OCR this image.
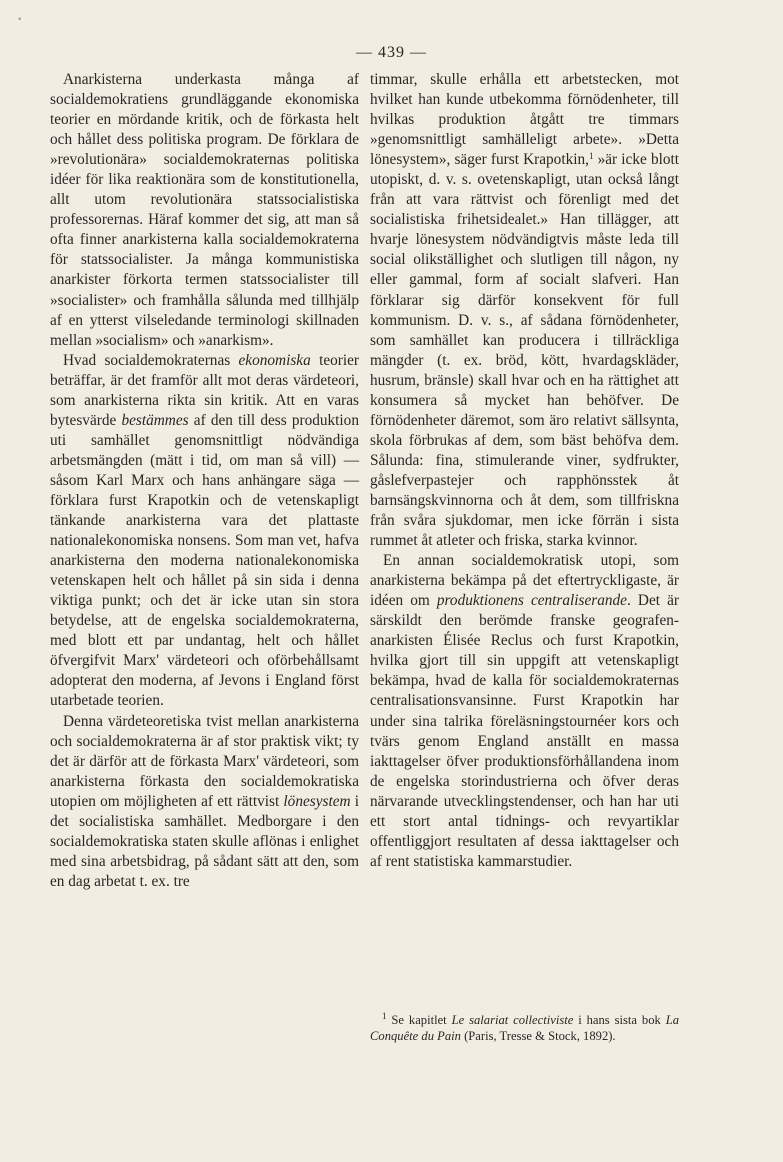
▪
— 439 —

Anarkisterna underkasta många af socialdemokratiens grundläggande ekonomiska teorier en mördande kritik, och de förkasta helt och hållet dess politiska program. De förklara de »revolutionära» socialdemokraternas politiska idéer för lika reaktionära som de konstitutionella, allt utom revolutionära statssocialistiska professorernas. Häraf kommer det sig, att man så ofta finner anarkisterna kalla socialdemokraterna för statssocialister. Ja många kommunistiska anarkister förkorta termen statssocialister till »socialister» och framhålla sålunda med tillhjälp af en ytterst vilseledande terminologi skillnaden mellan »socialism» och »anarkism».

Hvad socialdemokraternas ekonomiska teorier beträffar, är det framför allt mot deras värdeteori, som anarkisterna rikta sin kritik. Att en varas bytesvärde bestämmes af den till dess produktion uti samhället genomsnittligt nödvändiga arbetsmängden (mätt i tid, om man så vill) — såsom Karl Marx och hans anhängare säga — förklara furst Krapotkin och de vetenskapligt tänkande anarkisterna vara det plattaste nationalekonomiska nonsens. Som man vet, hafva anarkisterna den moderna nationalekonomiska vetenskapen helt och hållet på sin sida i denna viktiga punkt; och det är icke utan sin stora betydelse, att de engelska socialdemokraterna, med blott ett par undantag, helt och hållet öfvergifvit Marx' värdeteori och oförbehållsamt adopterat den moderna, af Jevons i England först utarbetade teorien.

Denna värdeteoretiska tvist mellan anarkisterna och socialdemokraterna är af stor praktisk vikt; ty det är därför att de förkasta Marx' värdeteori, som anarkisterna förkasta den socialdemokratiska utopien om möjligheten af ett rättvist lönesystem i det socialistiska samhället. Medborgare i den socialdemokratiska staten skulle aflönas i enlighet med sina arbetsbidrag, på sådant sätt att den, som en dag arbetat t. ex. tre

timmar, skulle erhålla ett arbetstecken, mot hvilket han kunde utbekomma förnödenheter, till hvilkas produktion åtgått tre timmars »genomsnittligt samhälleligt arbete». »Detta lönesystem», säger furst Krapotkin,$^1$ »är icke blott utopiskt, d. v. s. ovetenskapligt, utan också långt från att vara rättvist och förenligt med det socialistiska frihetsidealet.» Han tillägger, att hvarje lönesystem nödvändigtvis måste leda till social olikställighet och slutligen till någon, ny eller gammal, form af socialt slafveri. Han förklarar sig därför konsekvent för full kommunism. D. v. s., af sådana förnödenheter, som samhället kan producera i tillräckliga mängder (t. ex. bröd, kött, hvardagskläder, husrum, bränsle) skall hvar och en ha rättighet att konsumera så mycket han behöfver. De förnödenheter däremot, som äro relativt sällsynta, skola förbrukas af dem, som bäst behöfva dem. Sålunda: fina, stimulerande viner, sydfrukter, gåslefverpastejer och rapphönsstek åt barnsängskvinnorna och åt dem, som tillfriskna från svåra sjukdomar, men icke förrän i sista rummet åt atleter och friska, starka kvinnor.

En annan socialdemokratisk utopi, som anarkisterna bekämpa på det eftertryckligaste, är idéen om produktionens centraliserande. Det är särskildt den berömde franske geografen-anarkisten Élisée Reclus och furst Krapotkin, hvilka gjort till sin uppgift att vetenskapligt bekämpa, hvad de kalla för socialdemokraternas centralisationsvansinne. Furst Krapotkin har under sina talrika föreläsningstournéer kors och tvärs genom England anställt en massa iakttagelser öfver produktionsförhållandena inom de engelska storindustrierna och öfver deras närvarande utvecklingstendenser, och han har uti ett stort antal tidnings- och revyartiklar offentliggjort resultaten af dessa iakttagelser och af rent statistiska kammarstudier.

$^1$ Se kapitlet Le salariat collectiviste i hans sista bok La Conquête du Pain (Paris, Tresse & Stock, 1892).
